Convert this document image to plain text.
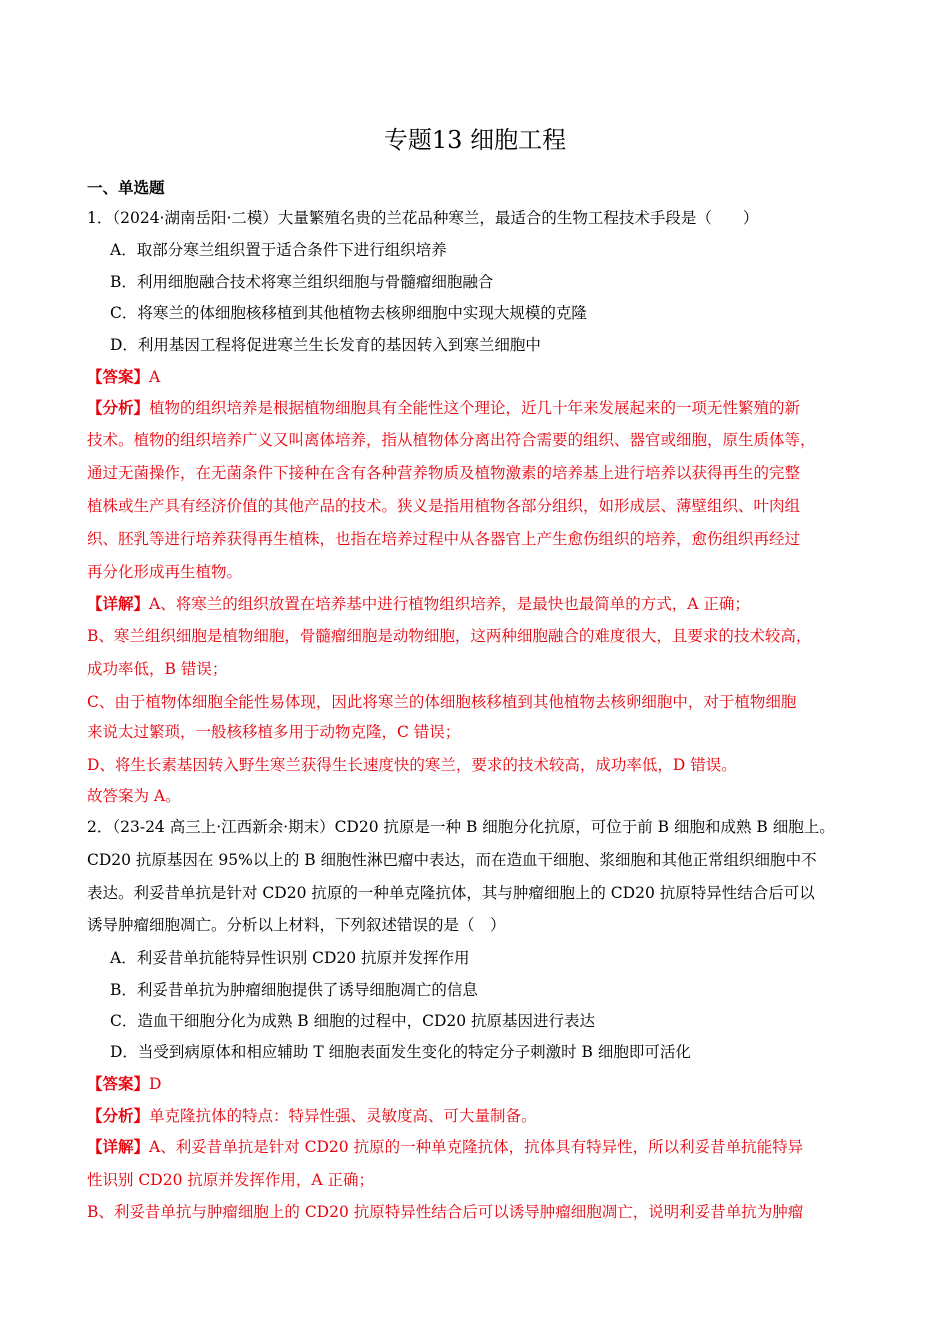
专题13 细胞工程
一、单选题
1．（2024·湖南岳阳·二模）大量繁殖名贵的兰花品种寒兰，最适合的生物工程技术手段是（　　）
A．取部分寒兰组织置于适合条件下进行组织培养
B．利用细胞融合技术将寒兰组织细胞与骨髓瘤细胞融合
C．将寒兰的体细胞核移植到其他植物去核卵细胞中实现大规模的克隆
D．利用基因工程将促进寒兰生长发育的基因转入到寒兰细胞中
【答案】A
【分析】植物的组织培养是根据植物细胞具有全能性这个理论，近几十年来发展起来的一项无性繁殖的新
技术。植物的组织培养广义又叫离体培养，指从植物体分离出符合需要的组织、器官或细胞，原生质体等，
通过无菌操作，在无菌条件下接种在含有各种营养物质及植物激素的培养基上进行培养以获得再生的完整
植株或生产具有经济价值的其他产品的技术。狭义是指用植物各部分组织，如形成层、薄壁组织、叶肉组
织、胚乳等进行培养获得再生植株，也指在培养过程中从各器官上产生愈伤组织的培养，愈伤组织再经过
再分化形成再生植物。
【详解】A、将寒兰的组织放置在培养基中进行植物组织培养，是最快也最简单的方式，A 正确；
B、寒兰组织细胞是植物细胞，骨髓瘤细胞是动物细胞，这两种细胞融合的难度很大，且要求的技术较高，
成功率低，B 错误；
C、由于植物体细胞全能性易体现，因此将寒兰的体细胞核移植到其他植物去核卵细胞中，对于植物细胞
来说太过繁琐，一般核移植多用于动物克隆，C 错误；
D、将生长素基因转入野生寒兰获得生长速度快的寒兰，要求的技术较高，成功率低，D 错误。
故答案为 A。
2．（23-24 高三上·江西新余·期末）CD20 抗原是一种 B 细胞分化抗原，可位于前 B 细胞和成熟 B 细胞上。
CD20 抗原基因在 95%以上的 B 细胞性淋巴瘤中表达，而在造血干细胞、浆细胞和其他正常组织细胞中不
表达。利妥昔单抗是针对 CD20 抗原的一种单克隆抗体，其与肿瘤细胞上的 CD20 抗原特异性结合后可以
诱导肿瘤细胞凋亡。分析以上材料，下列叙述错误的是（　）
A．利妥昔单抗能特异性识别 CD20 抗原并发挥作用
B．利妥昔单抗为肿瘤细胞提供了诱导细胞凋亡的信息
C．造血干细胞分化为成熟 B 细胞的过程中，CD20 抗原基因进行表达
D．当受到病原体和相应辅助 T 细胞表面发生变化的特定分子刺激时 B 细胞即可活化
【答案】D
【分析】单克隆抗体的特点：特异性强、灵敏度高、可大量制备。
【详解】A、利妥昔单抗是针对 CD20 抗原的一种单克隆抗体，抗体具有特异性，所以利妥昔单抗能特异
性识别 CD20 抗原并发挥作用，A 正确；
B、利妥昔单抗与肿瘤细胞上的 CD20 抗原特异性结合后可以诱导肿瘤细胞凋亡，说明利妥昔单抗为肿瘤
